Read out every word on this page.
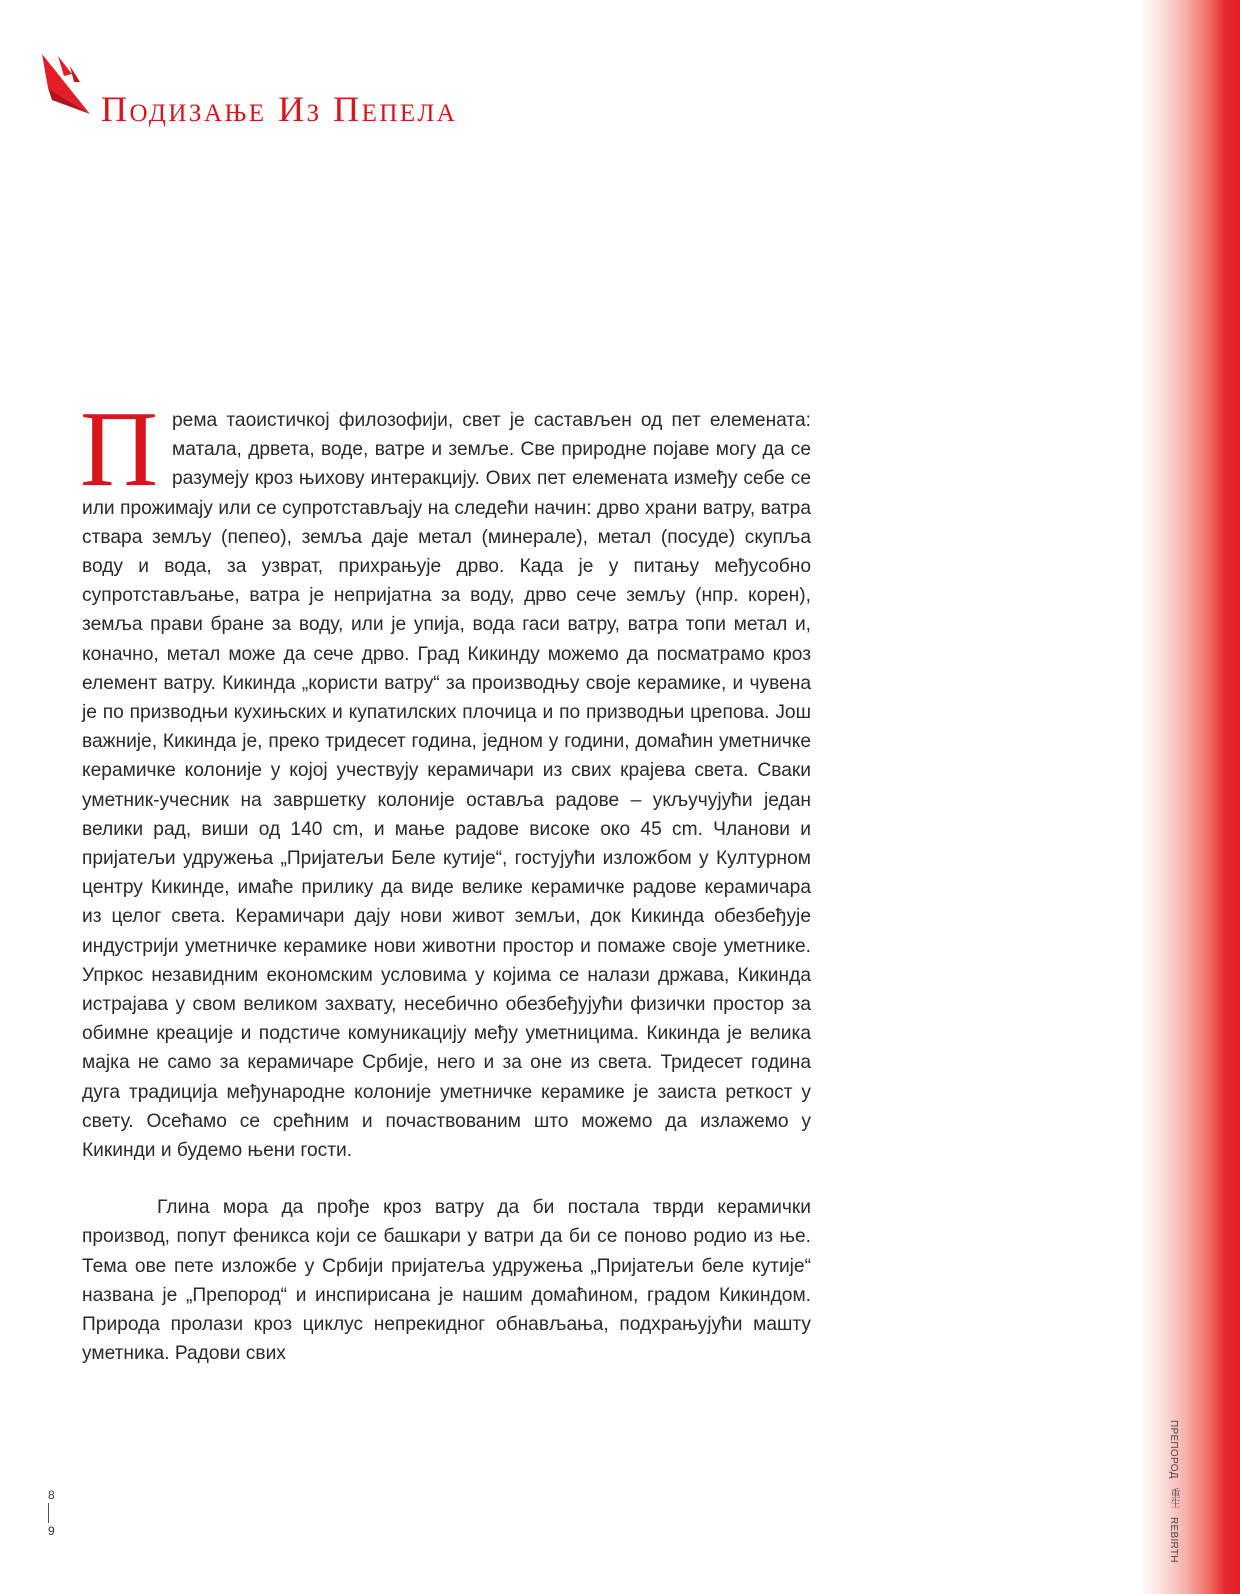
Подизање Из Пепела

Према таоистичкој филозофији, свет је састављен од пет елемената: матала, дрвета, воде, ватре и земље. Све природне појаве могу да се разумеју кроз њихову интеракцију. Ових пет елемената између себе се или прожимају или се супротстављају на следећи начин: дрво храни ватру, ватра ствара земљу (пепео), земља даје метал (минерале), метал (посуде) скупља воду и вода, за узврат, прихрањује дрво. Када је у питању међусобно супротстављање, ватра је непријатна за воду, дрво сече земљу (нпр. корен), земља прави бране за воду, или је упија, вода гаси ватру, ватра топи метал и, коначно, метал може да сече дрво. Град Кикинду можемо да посматрамо кроз елемент ватру. Кикинда „користи ватру“ за производњу своје керамике, и чувена је по призводњи кухињских и купатилских плочица и по призводњи црепова. Још важније, Кикинда је, преко тридесет година, једном у години, домаћин уметничке керамичке колоније у којој учествују керамичари из свих крајева света. Сваки уметник-учесник на завршетку колоније оставља радове – укључујући један велики рад, виши од 140 cm, и мање радове високе око 45 cm. Чланови и пријатељи удружења „Пријатељи Беле кутије“, гостујући изложбом у Културном центру Кикинде, имаће прилику да виде велике керамичке радове керамичара из целог света. Керамичари дају нови живот земљи, док Кикинда обезбеђује индустрији уметничке керамике нови животни простор и помаже своје уметнике. Упркос незавидним економским условима у којима се налази држава, Кикинда истрајава у свом великом захвату, несебично обезбеђујући физички простор за обимне креације и подстиче комуникацију међу уметницима. Кикинда је велика мајка не само за керамичаре Србије, него и за оне из света. Тридесет година дуга традиција међународне колоније уметничке керамике је заиста реткост у свету. Осећамо се срећним и почаствованим што можемо да излажемо у Кикинди и будемо њени гости.

Глина мора да прође кроз ватру да би постала тврди керамички производ, попут феникса који се башкари у ватри да би се поново родио из ње. Тема ове пете изложбе у Србији пријатеља удружења „Пријатељи беле кутије“ названа је „Препород“ и инспирисана је нашим домаћином, градом Кикиндом. Природа пролази кроз циклус непрекидног обнављања, подхрањујући машту уметника. Радови свих

8
9
ПРЕПОРОД 重生 REBIRTH
